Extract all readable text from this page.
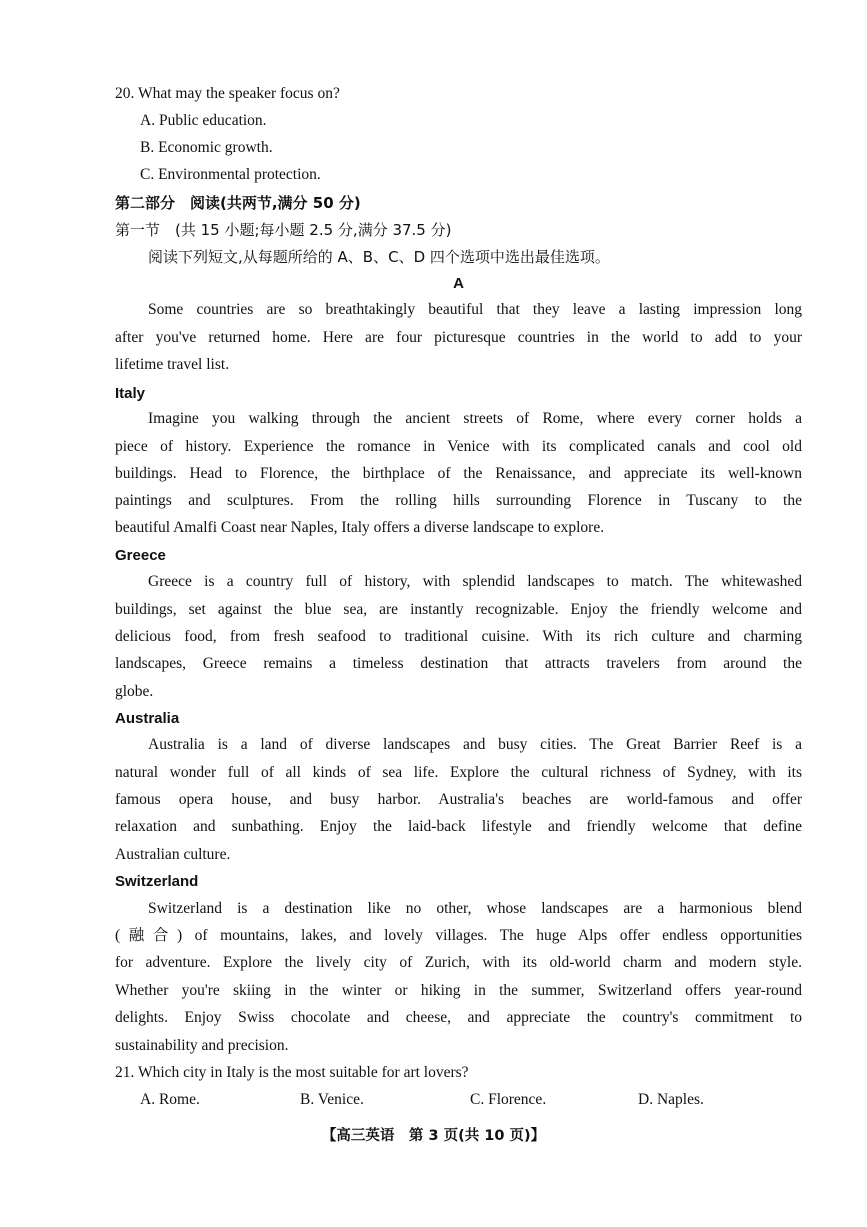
20. What may the speaker focus on?
A. Public education.
B. Economic growth.
C. Environmental protection.
第二部分　阅读(共两节,满分 50 分)
第一节　(共 15 小题;每小题 2.5 分,满分 37.5 分)
阅读下列短文,从每题所给的 A、B、C、D 四个选项中选出最佳选项。
A
Some countries are so breathtakingly beautiful that they leave a lasting impression long
after you've returned home. Here are four picturesque countries in the world to add to your
lifetime travel list.
Italy
Imagine you walking through the ancient streets of Rome, where every corner holds a
piece of history. Experience the romance in Venice with its complicated canals and cool old
buildings. Head to Florence, the birthplace of the Renaissance, and appreciate its well-known
paintings and sculptures. From the rolling hills surrounding Florence in Tuscany to the
beautiful Amalfi Coast near Naples, Italy offers a diverse landscape to explore.
Greece
Greece is a country full of history, with splendid landscapes to match. The whitewashed
buildings, set against the blue sea, are instantly recognizable. Enjoy the friendly welcome and
delicious food, from fresh seafood to traditional cuisine. With its rich culture and charming
landscapes, Greece remains a timeless destination that attracts travelers from around the
globe.
Australia
Australia is a land of diverse landscapes and busy cities. The Great Barrier Reef is a
natural wonder full of all kinds of sea life. Explore the cultural richness of Sydney, with its
famous opera house, and busy harbor. Australia's beaches are world-famous and offer
relaxation and sunbathing. Enjoy the laid-back lifestyle and friendly welcome that define
Australian culture.
Switzerland
Switzerland is a destination like no other, whose landscapes are a harmonious blend
(融合) of mountains, lakes, and lovely villages. The huge Alps offer endless opportunities
for adventure. Explore the lively city of Zurich, with its old-world charm and modern style.
Whether you're skiing in the winter or hiking in the summer, Switzerland offers year-round
delights. Enjoy Swiss chocolate and cheese, and appreciate the country's commitment to
sustainability and precision.
21. Which city in Italy is the most suitable for art lovers?
A. Rome.	B. Venice.	C. Florence.	D. Naples.
【高三英语　第 3 页(共 10 页)】
